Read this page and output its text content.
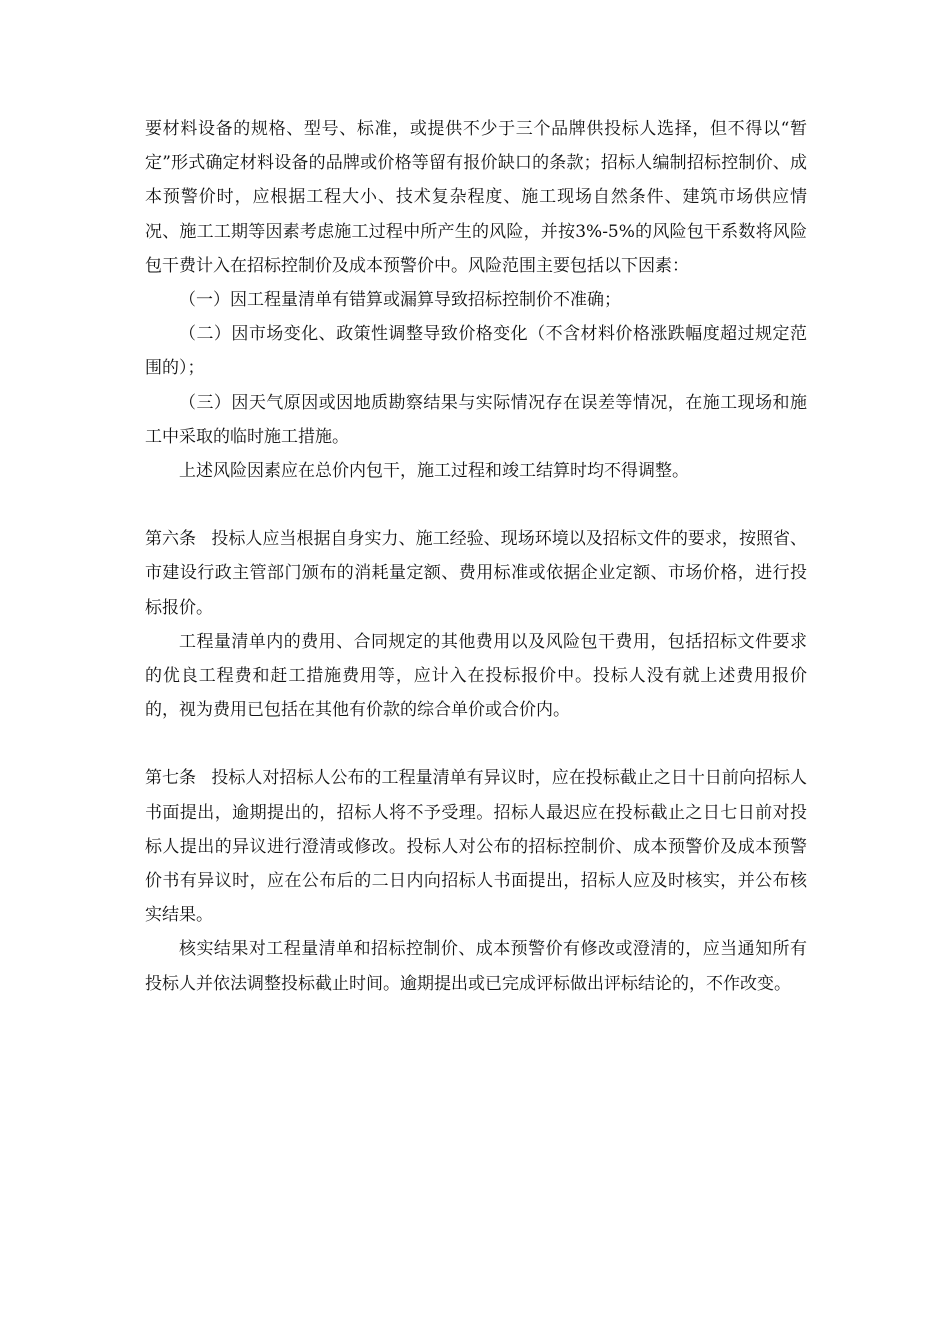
要材料设备的规格、型号、标准，或提供不少于三个品牌供投标人选择，但不得以“暂定”形式确定材料设备的品牌或价格等留有报价缺口的条款；招标人编制招标控制价、成本预警价时，应根据工程大小、技术复杂程度、施工现场自然条件、建筑市场供应情况、施工工期等因素考虑施工过程中所产生的风险，并按3%-5%的风险包干系数将风险包干费计入在招标控制价及成本预警价中。风险范围主要包括以下因素：

（一）因工程量清单有错算或漏算导致招标控制价不准确；

（二）因市场变化、政策性调整导致价格变化（不含材料价格涨跌幅度超过规定范围的）；

（三）因天气原因或因地质勘察结果与实际情况存在误差等情况，在施工现场和施工中采取的临时施工措施。

上述风险因素应在总价内包干，施工过程和竣工结算时均不得调整。

第六条 投标人应当根据自身实力、施工经验、现场环境以及招标文件的要求，按照省、市建设行政主管部门颁布的消耗量定额、费用标准或依据企业定额、市场价格，进行投标报价。

工程量清单内的费用、合同规定的其他费用以及风险包干费用，包括招标文件要求的优良工程费和赶工措施费用等，应计入在投标报价中。投标人没有就上述费用报价的，视为费用已包括在其他有价款的综合单价或合价内。

第七条 投标人对招标人公布的工程量清单有异议时，应在投标截止之日十日前向招标人书面提出，逾期提出的，招标人将不予受理。招标人最迟应在投标截止之日七日前对投标人提出的异议进行澄清或修改。投标人对公布的招标控制价、成本预警价及成本预警价书有异议时，应在公布后的二日内向招标人书面提出，招标人应及时核实，并公布核实结果。

核实结果对工程量清单和招标控制价、成本预警价有修改或澄清的，应当通知所有投标人并依法调整投标截止时间。逾期提出或已完成评标做出评标结论的，不作改变。
